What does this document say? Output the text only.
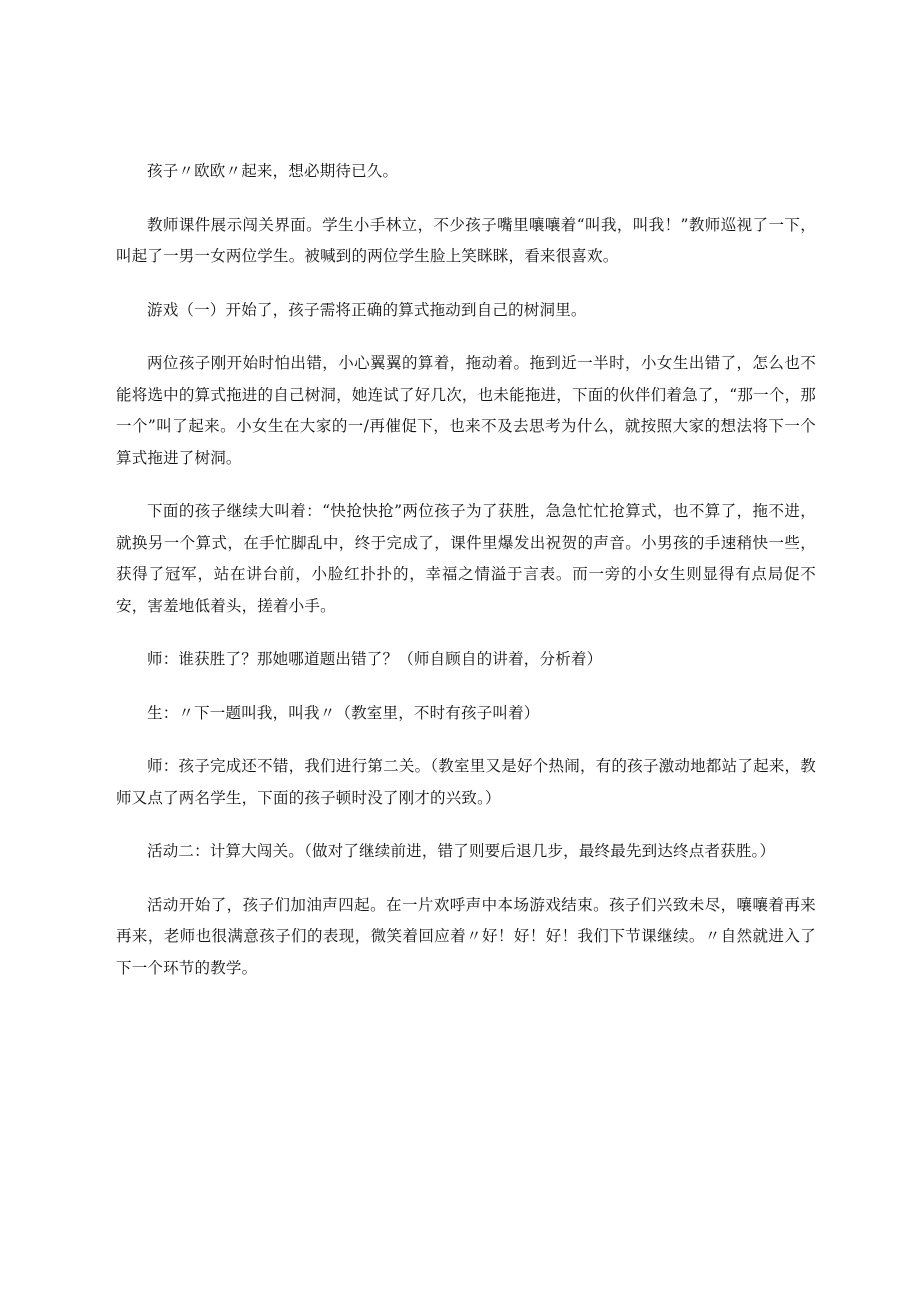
孩子〃欧欧〃起来，想必期待已久。

教师课件展示闯关界面。学生小手林立，不少孩子嘴里嚷嚷着“叫我，叫我！”教师巡视了一下，叫起了一男一女两位学生。被喊到的两位学生脸上笑眯眯，看来很喜欢。

游戏（一）开始了，孩子需将正确的算式拖动到自己的树洞里。

两位孩子刚开始时怕出错，小心翼翼的算着，拖动着。拖到近一半时，小女生出错了，怎么也不能将选中的算式拖进的自己树洞，她连试了好几次，也未能拖进，下面的伙伴们着急了，“那一个，那一个”叫了起来。小女生在大家的一/再催促下，也来不及去思考为什么，就按照大家的想法将下一个算式拖进了树洞。

下面的孩子继续大叫着：“快抢快抢”两位孩子为了获胜，急急忙忙抢算式，也不算了，拖不进，就换另一个算式，在手忙脚乱中，终于完成了，课件里爆发出祝贺的声音。小男孩的手速稍快一些，获得了冠军，站在讲台前，小脸红扑扑的，幸福之情溢于言表。而一旁的小女生则显得有点局促不安，害羞地低着头，搓着小手。

师：谁获胜了？那她哪道题出错了？（师自顾自的讲着，分析着）

生：〃下一题叫我，叫我〃（教室里，不时有孩子叫着）

师：孩子完成还不错，我们进行第二关。（教室里又是好个热闹，有的孩子激动地都站了起来，教师又点了两名学生，下面的孩子顿时没了刚才的兴致。）

活动二：计算大闯关。（做对了继续前进，错了则要后退几步，最终最先到达终点者获胜。）

活动开始了，孩子们加油声四起。在一片欢呼声中本场游戏结束。孩子们兴致未尽，嚷嚷着再来再来，老师也很满意孩子们的表现，微笑着回应着〃好！好！好！我们下节课继续。〃自然就进入了下一个环节的教学。
